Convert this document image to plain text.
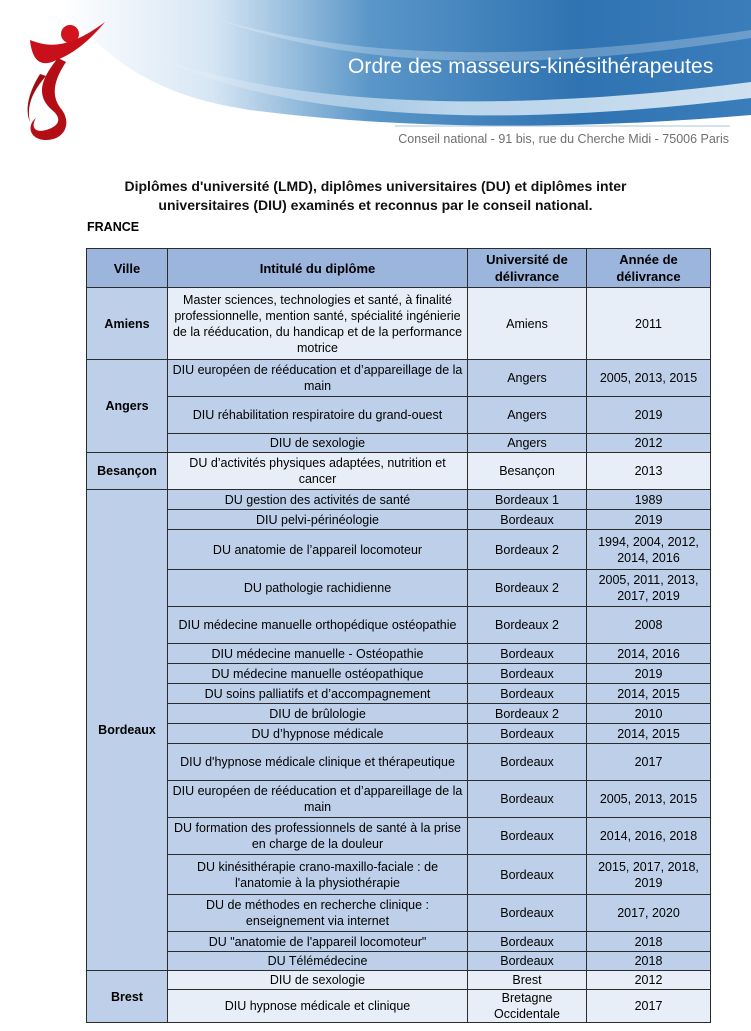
Ordre des masseurs-kinésithérapeutes
Conseil national - 91 bis, rue du Cherche Midi - 75006 Paris
Diplômes d'université (LMD), diplômes universitaires (DU) et diplômes inter
universitaires (DIU) examinés et reconnus par le conseil national.
FRANCE
Ville	Intitulé du diplôme	Université de délivrance	Année de délivrance
Amiens	Master sciences, technologies et santé, à finalité professionnelle, mention santé, spécialité ingénierie de la rééducation, du handicap et de la performance motrice	Amiens	2011
Angers	DIU européen de rééducation et d’appareillage de la main	Angers	2005, 2013, 2015
	DIU réhabilitation respiratoire du grand-ouest	Angers	2019
	DIU de sexologie	Angers	2012
Besançon	DU d’activités physiques adaptées, nutrition et cancer	Besançon	2013
Bordeaux	DU gestion des activités de santé	Bordeaux 1	1989
	DIU pelvi-périnéologie	Bordeaux	2019
	DU anatomie de l’appareil locomoteur	Bordeaux 2	1994, 2004, 2012, 2014, 2016
	DU pathologie rachidienne	Bordeaux 2	2005, 2011, 2013, 2017, 2019
	DIU médecine manuelle orthopédique ostéopathie	Bordeaux 2	2008
	DIU médecine manuelle - Ostéopathie	Bordeaux	2014, 2016
	DU médecine manuelle ostéopathique	Bordeaux	2019
	DU soins palliatifs et d’accompagnement	Bordeaux	2014, 2015
	DIU de brûlologie	Bordeaux 2	2010
	DU d’hypnose médicale	Bordeaux	2014, 2015
	DIU d'hypnose médicale clinique et thérapeutique	Bordeaux	2017
	DIU européen de rééducation et d’appareillage de la main	Bordeaux	2005, 2013, 2015
	DU formation des professionnels de santé à la prise en charge de la douleur	Bordeaux	2014, 2016, 2018
	DU kinésithérapie crano-maxillo-faciale : de l'anatomie à la physiothérapie	Bordeaux	2015, 2017, 2018, 2019
	DU de méthodes en recherche clinique : enseignement via internet	Bordeaux	2017, 2020
	DU "anatomie de l'appareil locomoteur"	Bordeaux	2018
	DU Télémédecine	Bordeaux	2018
Brest	DIU de sexologie	Brest	2012
	DIU hypnose médicale et clinique	Bretagne Occidentale	2017
